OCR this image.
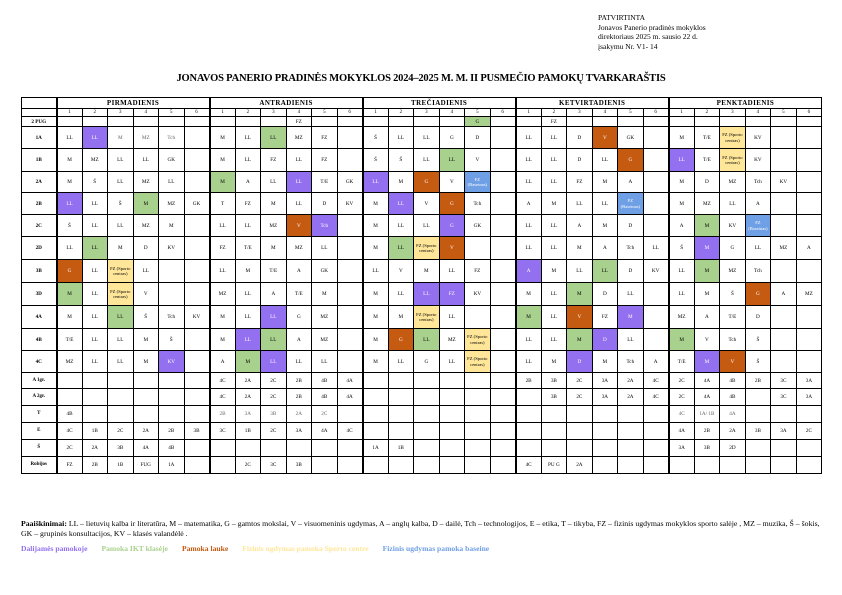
PATVIRTINTA
Jonavos Panerio pradinės mokyklos
direktoriaus 2025 m. sausio 22 d.
įsakymu Nr. V1- 14
JONAVOS PANERIO PRADINĖS MOKYKLOS 2024–2025 M. M. II PUSMEČIO PAMOKŲ TVARKARAŠTIS
	PIRMADIENIS						ANTRADIENIS						TREČIADIENIS						KETVIRTADIENIS						PENKTADIENIS					
	1	2	3	4	5	6	1	2	3	4	5	6	1	2	3	4	5	6	1	2	3	4	5	6	1	2	3	4	5	6
2 PUG										FZ							G			FZ										
1A	LL	LL	M	MZ	Tch		M	LL	LL	MZ	FZ		Š	LL	LL	G	D		LL	LL	D	V	GK		M	T/E	FZ (Sporto centras)	KV		
1B	M	MZ	LL	LL	GK		M	LL	FZ	LL	FZ		Š	Š	LL	LL	V		LL	LL	D	LL	G		LL	T/E	FZ (Sporto centras)	KV		
2A	M	Š	LL	MZ	LL		M	A	LL	LL	T/E	GK	LL	M	G	V	FZ (Baseinas)		LL	LL	FZ	M	A		M	D	MZ	Tch	KV	
2B	LL	LL	Š	M	MZ	GK	T	FZ	M	LL	D	KV	M	LL	V	G	Tch		A	M	LL	LL	FZ (Baseinas)		M	MZ	LL	A		
2C	Š	LL	LL	MZ	M		LL	LL	MZ	V	Tch		M	LL	LL	G	GK		LL	LL	A	M	D		A	M	KV	FZ (Baseinas)		
2D	LL	LL	M	D	KV		FZ	T/E	M	MZ	LL		M	LL	FZ (Sporto centras)	V			LL	LL	M	A	Tch	LL	Š	M	G	LL	MZ	A
3B	G	LL	FZ (Sporto centras)	LL			LL	M	T/E	A	GK		LL	V	M	LL	FZ		A	M	LL	LL	D	KV	LL	M	MZ	Tch		
3D	M	LL	FZ (Sporto centras)	V			MZ	LL	A	T/E	M		M	LL	LL	FZ	KV		M	LL	M	D	LL		LL	M	Š	G	A	MZ
4A	M	LL	LL	Š	Tch	KV	M	LL	LL	G	MZ		M	M	FZ (Sporto centras)	LL			M	LL	V	FZ	M		MZ	A	T/E	D		
4B	T/E	LL	LL	M	Š		M	LL	LL	A	MZ		M	G	LL	MZ	FZ (Sporto centras)		LL	LL	M	D	LL		M	V	Tch	Š		
4C	MZ	LL	LL	M	KV		A	M	LL	LL	LL		M	LL	G	LL	FZ (Sporto centras)		LL	M	D	M	Tch	A	T/E	M	V	Š		
A 1gr.							4C	2A	2C	2B	4B	4A							2B	3B	2C	3A	2A	4C	2C	4A	4B	2B	3C	3A
A 2gr.							4C	2A	2C	2B	4B	4A								3B	2C	3A	2A	4C	2C	4A	4B		3C	3A
T	4B						2B	3A	3B	2A	2C														4C	1A/ 1B	4A			
E	4C	1B	2C	2A	2B	3B	3C	1B	2C	3A	4A	4C													4A	2B	2A	3B	3A	2C
Š	2C	2A	3B	4A	4B								1A	1B											3A	3B	2D			
Robijos	FZ	2B	1B	FUG	1A			2C	3C	3B									4C	PU G	2A									
Paaiškinimai: LL – lietuvių kalba ir literatūra, M – matematika, G – gamtos mokslai, V – visuomeninis ugdymas, A – anglų kalba, D – dailė, Tch – technologijos, E – etika, T – tikyba, FZ – fizinis ugdymas mokyklos sporto salėje , MZ – muzika, Š – šokis, GK – grupinės konsultacijos, KV – klasės valandėlė .
Dalijamės pamokoje Pamoka IKT klasėje Pamoka lauke Fizinis ugdymas pamoka Sporto centre Fizinis ugdymas pamoka baseine
